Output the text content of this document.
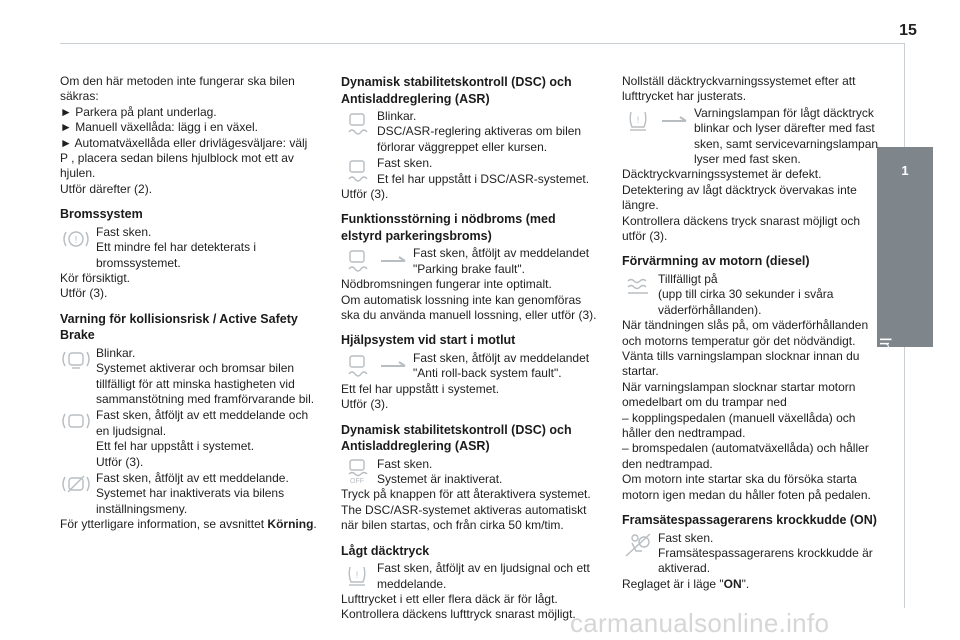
15
1
Instrument

Om den här metoden inte fungerar ska bilen säkras:

► Parkera på plant underlag.

► Manuell växellåda: lägg i en växel.

► Automatväxellåda eller drivlägesväljare: välj P , placera sedan bilens hjulblock mot ett av hjulen.

Utför därefter (2).

Bromssystem
!
Fast sken.
Ett mindre fel har detekterats i bromssystemet.

Kör försiktigt.

Utför (3).

Varning för kollisionsrisk / Active Safety Brake
Blinkar.
Systemet aktiverar och bromsar bilen tillfälligt för att minska hastigheten vid sammanstötning med framförvarande bil.
Fast sken, åtföljt av ett meddelande och en ljudsignal.
Ett fel har uppstått i systemet.
Utför (3).
Fast sken, åtföljt av ett meddelande.
Systemet har inaktiverats via bilens inställningsmeny.

För ytterligare information, se avsnittet Körning.

Dynamisk stabilitetskontroll (DSC) och Antisladdreglering (ASR)
Blinkar.
DSC/ASR-reglering aktiveras om bilen förlorar väggreppet eller kursen.
Fast sken.
Et fel har uppstått i DSC/ASR-systemet.

Utför (3).

Funktionsstörning i nödbroms (med elstyrd parkeringsbroms)
Fast sken, åtföljt av meddelandet "Parking brake fault".

Nödbromsningen fungerar inte optimalt.

Om automatisk lossning inte kan genomföras ska du använda manuell lossning, eller utför (3).

Hjälpsystem vid start i motlut
Fast sken, åtföljt av meddelandet "Anti roll-back system fault".

Ett fel har uppstått i systemet.

Utför (3).

Dynamisk stabilitetskontroll (DSC) och Antisladdreglering (ASR)
OFF
Fast sken.
Systemet är inaktiverat.

Tryck på knappen för att återaktivera systemet.

The DSC/ASR-systemet aktiveras automatiskt när bilen startas, och från cirka 50 km/tim.

Lågt däcktryck
! Fast sken, åtföljt av en ljudsignal och ett meddelande.

Lufttrycket i ett eller flera däck är för lågt.

Kontrollera däckens lufttryck snarast möjligt.

Nollställ däcktryckvarningssystemet efter att lufttrycket har justerats.

!	Varningslampan för lågt däcktryck blinkar och lyser därefter med fast sken, samt servicevarningslampan lyser med fast sken.

Däcktryckvarningssystemet är defekt.

Detektering av lågt däcktryck övervakas inte längre.

Kontrollera däckens tryck snarast möjligt och utför (3).

Förvärmning av motorn (diesel)
Tillfälligt på
(upp till cirka 30 sekunder i svåra väderförhållanden).

När tändningen slås på, om väderförhållanden och motorns temperatur gör det nödvändigt.

Vänta tills varningslampan slocknar innan du startar.

När varningslampan slocknar startar motorn omedelbart om du trampar ned

– kopplingspedalen (manuell växellåda) och håller den nedtrampad.

– bromspedalen (automatväxellåda) och håller den nedtrampad.

Om motorn inte startar ska du försöka starta motorn igen medan du håller foten på pedalen.

Framsätespassagerarens krockkudde (ON)
Fast sken.
Framsätespassagerarens krockkudde är aktiverad.

Reglaget är i läge "ON".

carmanualsonline.info
